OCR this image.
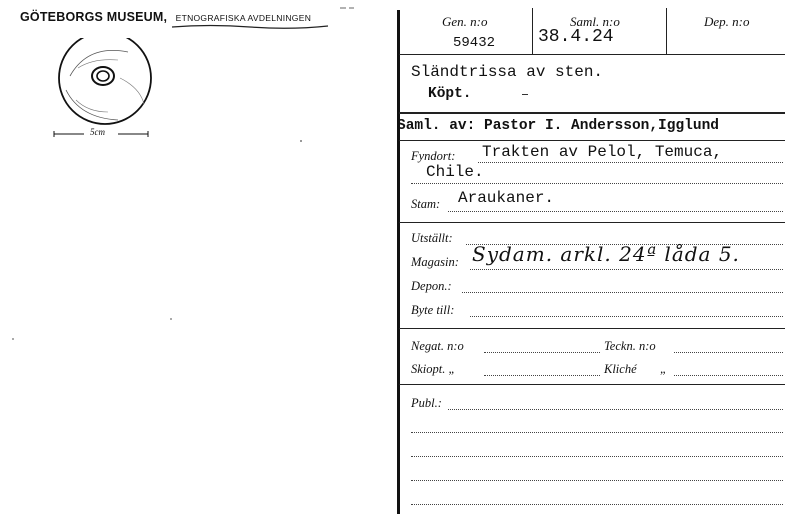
GÖTEBORGS MUSEUM, ETNOGRAFISKA AVDELNINGEN
5cm
Gen. n:o
59432
Saml. n:o
38.4.24
Dep. n:o
Sländtrissa av sten.
Köpt.
Saml. av: Pastor I. Andersson,Igglund
Fyndort: Trakten av Pelol, Temuca,
Chile.
Stam: Araukaner.
Utställt:
Magasin: Sydam. arkl. 24ª låda 5.
Depon.:
Byte till:
Negat. n:o	Teckn. n:o
Skiopt. „	Kliché „
Publ.:
